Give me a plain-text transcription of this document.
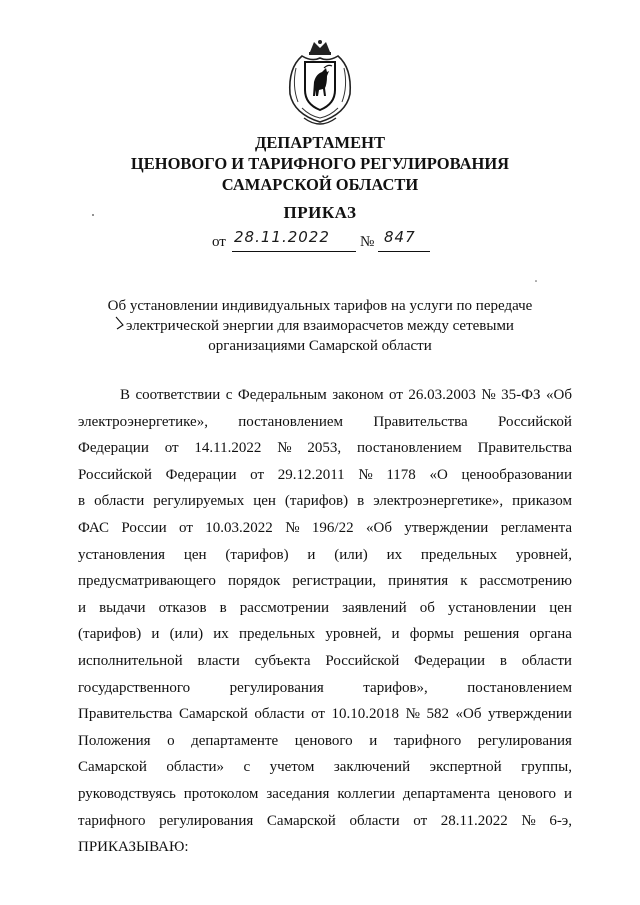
ДЕПАРТАМЕНТ
ЦЕНОВОГО И ТАРИФНОГО РЕГУЛИРОВАНИЯ
САМАРСКОЙ ОБЛАСТИ
ПРИКАЗ
от 28.11.2022 № 847
Об установлении индивидуальных тарифов на услуги по передаче
электрической энергии для взаиморасчетов между сетевыми
организациями Самарской области
В соответствии с Федеральным законом от 26.03.2003 № 35-ФЗ «Об
электроэнергетике», постановлением Правительства Российской
Федерации от 14.11.2022 № 2053, постановлением Правительства
Российской Федерации от 29.12.2011 № 1178 «О ценообразовании
в области регулируемых цен (тарифов) в электроэнергетике», приказом
ФАС России от 10.03.2022 № 196/22 «Об утверждении регламента
установления цен (тарифов) и (или) их предельных уровней,
предусматривающего порядок регистрации, принятия к рассмотрению
и выдачи отказов в рассмотрении заявлений об установлении цен
(тарифов) и (или) их предельных уровней, и формы решения органа
исполнительной власти субъекта Российской Федерации в области
государственного	регулирования	тарифов»,	постановлением
Правительства Самарской области от 10.10.2018 № 582 «Об утверждении
Положения о департаменте ценового и тарифного регулирования
Самарской области» с учетом заключений экспертной группы,
руководствуясь протоколом заседания коллегии департамента ценового и
тарифного регулирования Самарской области от 28.11.2022 № 6-э,
ПРИКАЗЫВАЮ:
